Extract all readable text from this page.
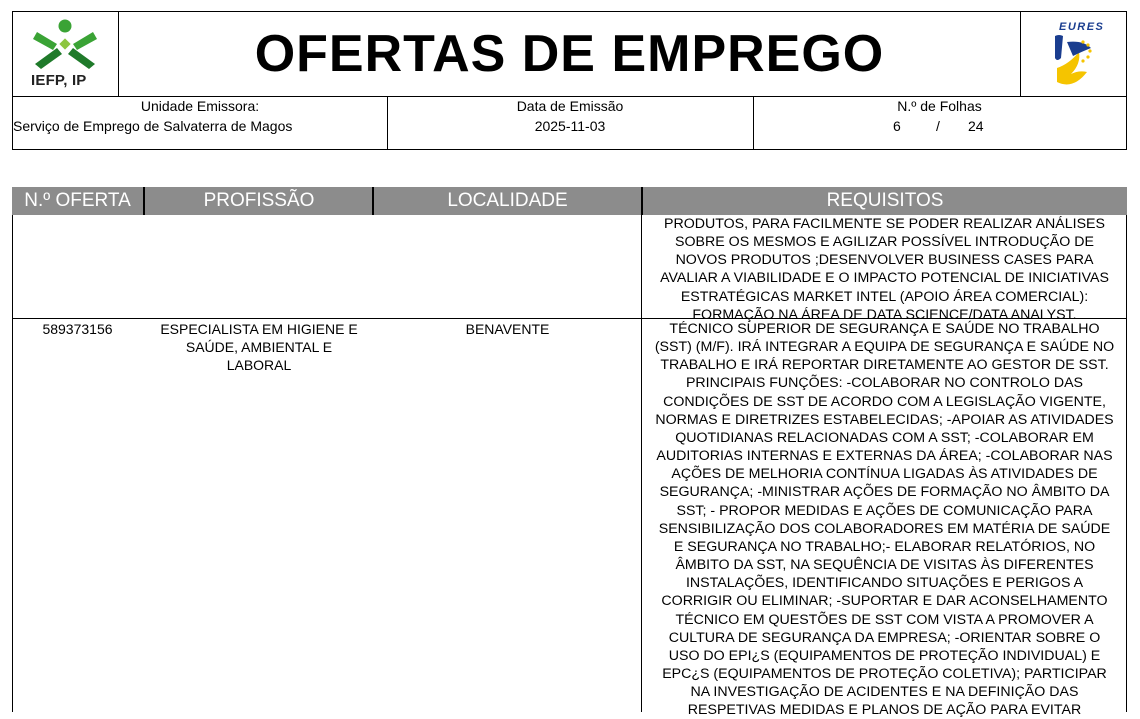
IEFP, IP	OFERTAS DE EMPREGO	EURES
Unidade Emissora:
Serviço de Emprego de Salvaterra de Magos
Data de Emissão
2025-11-03
N.º de Folhas
6	/ 24
N.º OFERTA	PROFISSÃO	LOCALIDADE	REQUISITOS
PRODUTOS, PARA FACILMENTE SE PODER REALIZAR ANÁLISES
SOBRE OS MESMOS E AGILIZAR POSSÍVEL INTRODUÇÃO DE
NOVOS PRODUTOS ;DESENVOLVER BUSINESS CASES PARA
AVALIAR A VIABILIDADE E O IMPACTO POTENCIAL DE INICIATIVAS
ESTRATÉGICAS MARKET INTEL (APOIO ÁREA COMERCIAL):
FORMAÇÃO NA ÁREA DE DATA SCIENCE/DATA ANALYST.
589373156	ESPECIALISTA EM HIGIENE E
SAÚDE, AMBIENTAL E
LABORAL
BENAVENTE	TÉCNICO SUPERIOR DE SEGURANÇA E SAÚDE NO TRABALHO
(SST) (M/F). IRÁ INTEGRAR A EQUIPA DE SEGURANÇA E SAÚDE NO
TRABALHO E IRÁ REPORTAR DIRETAMENTE AO GESTOR DE SST.
PRINCIPAIS FUNÇÕES: -COLABORAR NO CONTROLO DAS
CONDIÇÕES DE SST DE ACORDO COM A LEGISLAÇÃO VIGENTE,
NORMAS E DIRETRIZES ESTABELECIDAS; -APOIAR AS ATIVIDADES
QUOTIDIANAS RELACIONADAS COM A SST; -COLABORAR EM
AUDITORIAS INTERNAS E EXTERNAS DA ÁREA; -COLABORAR NAS
AÇÕES DE MELHORIA CONTÍNUA LIGADAS ÀS ATIVIDADES DE
SEGURANÇA; -MINISTRAR AÇÕES DE FORMAÇÃO NO ÂMBITO DA
SST; - PROPOR MEDIDAS E AÇÕES DE COMUNICAÇÃO PARA
SENSIBILIZAÇÃO DOS COLABORADORES EM MATÉRIA DE SAÚDE
E SEGURANÇA NO TRABALHO;- ELABORAR RELATÓRIOS, NO
ÂMBITO DA SST, NA SEQUÊNCIA DE VISITAS ÀS DIFERENTES
INSTALAÇÕES, IDENTIFICANDO SITUAÇÕES E PERIGOS A
CORRIGIR OU ELIMINAR; -SUPORTAR E DAR ACONSELHAMENTO
TÉCNICO EM QUESTÕES DE SST COM VISTA A PROMOVER A
CULTURA DE SEGURANÇA DA EMPRESA; -ORIENTAR SOBRE O
USO DO EPI¿S (EQUIPAMENTOS DE PROTEÇÃO INDIVIDUAL) E
EPC¿S (EQUIPAMENTOS DE PROTEÇÃO COLETIVA); PARTICIPAR
NA INVESTIGAÇÃO DE ACIDENTES E NA DEFINIÇÃO DAS
RESPETIVAS MEDIDAS E PLANOS DE AÇÃO PARA EVITAR
